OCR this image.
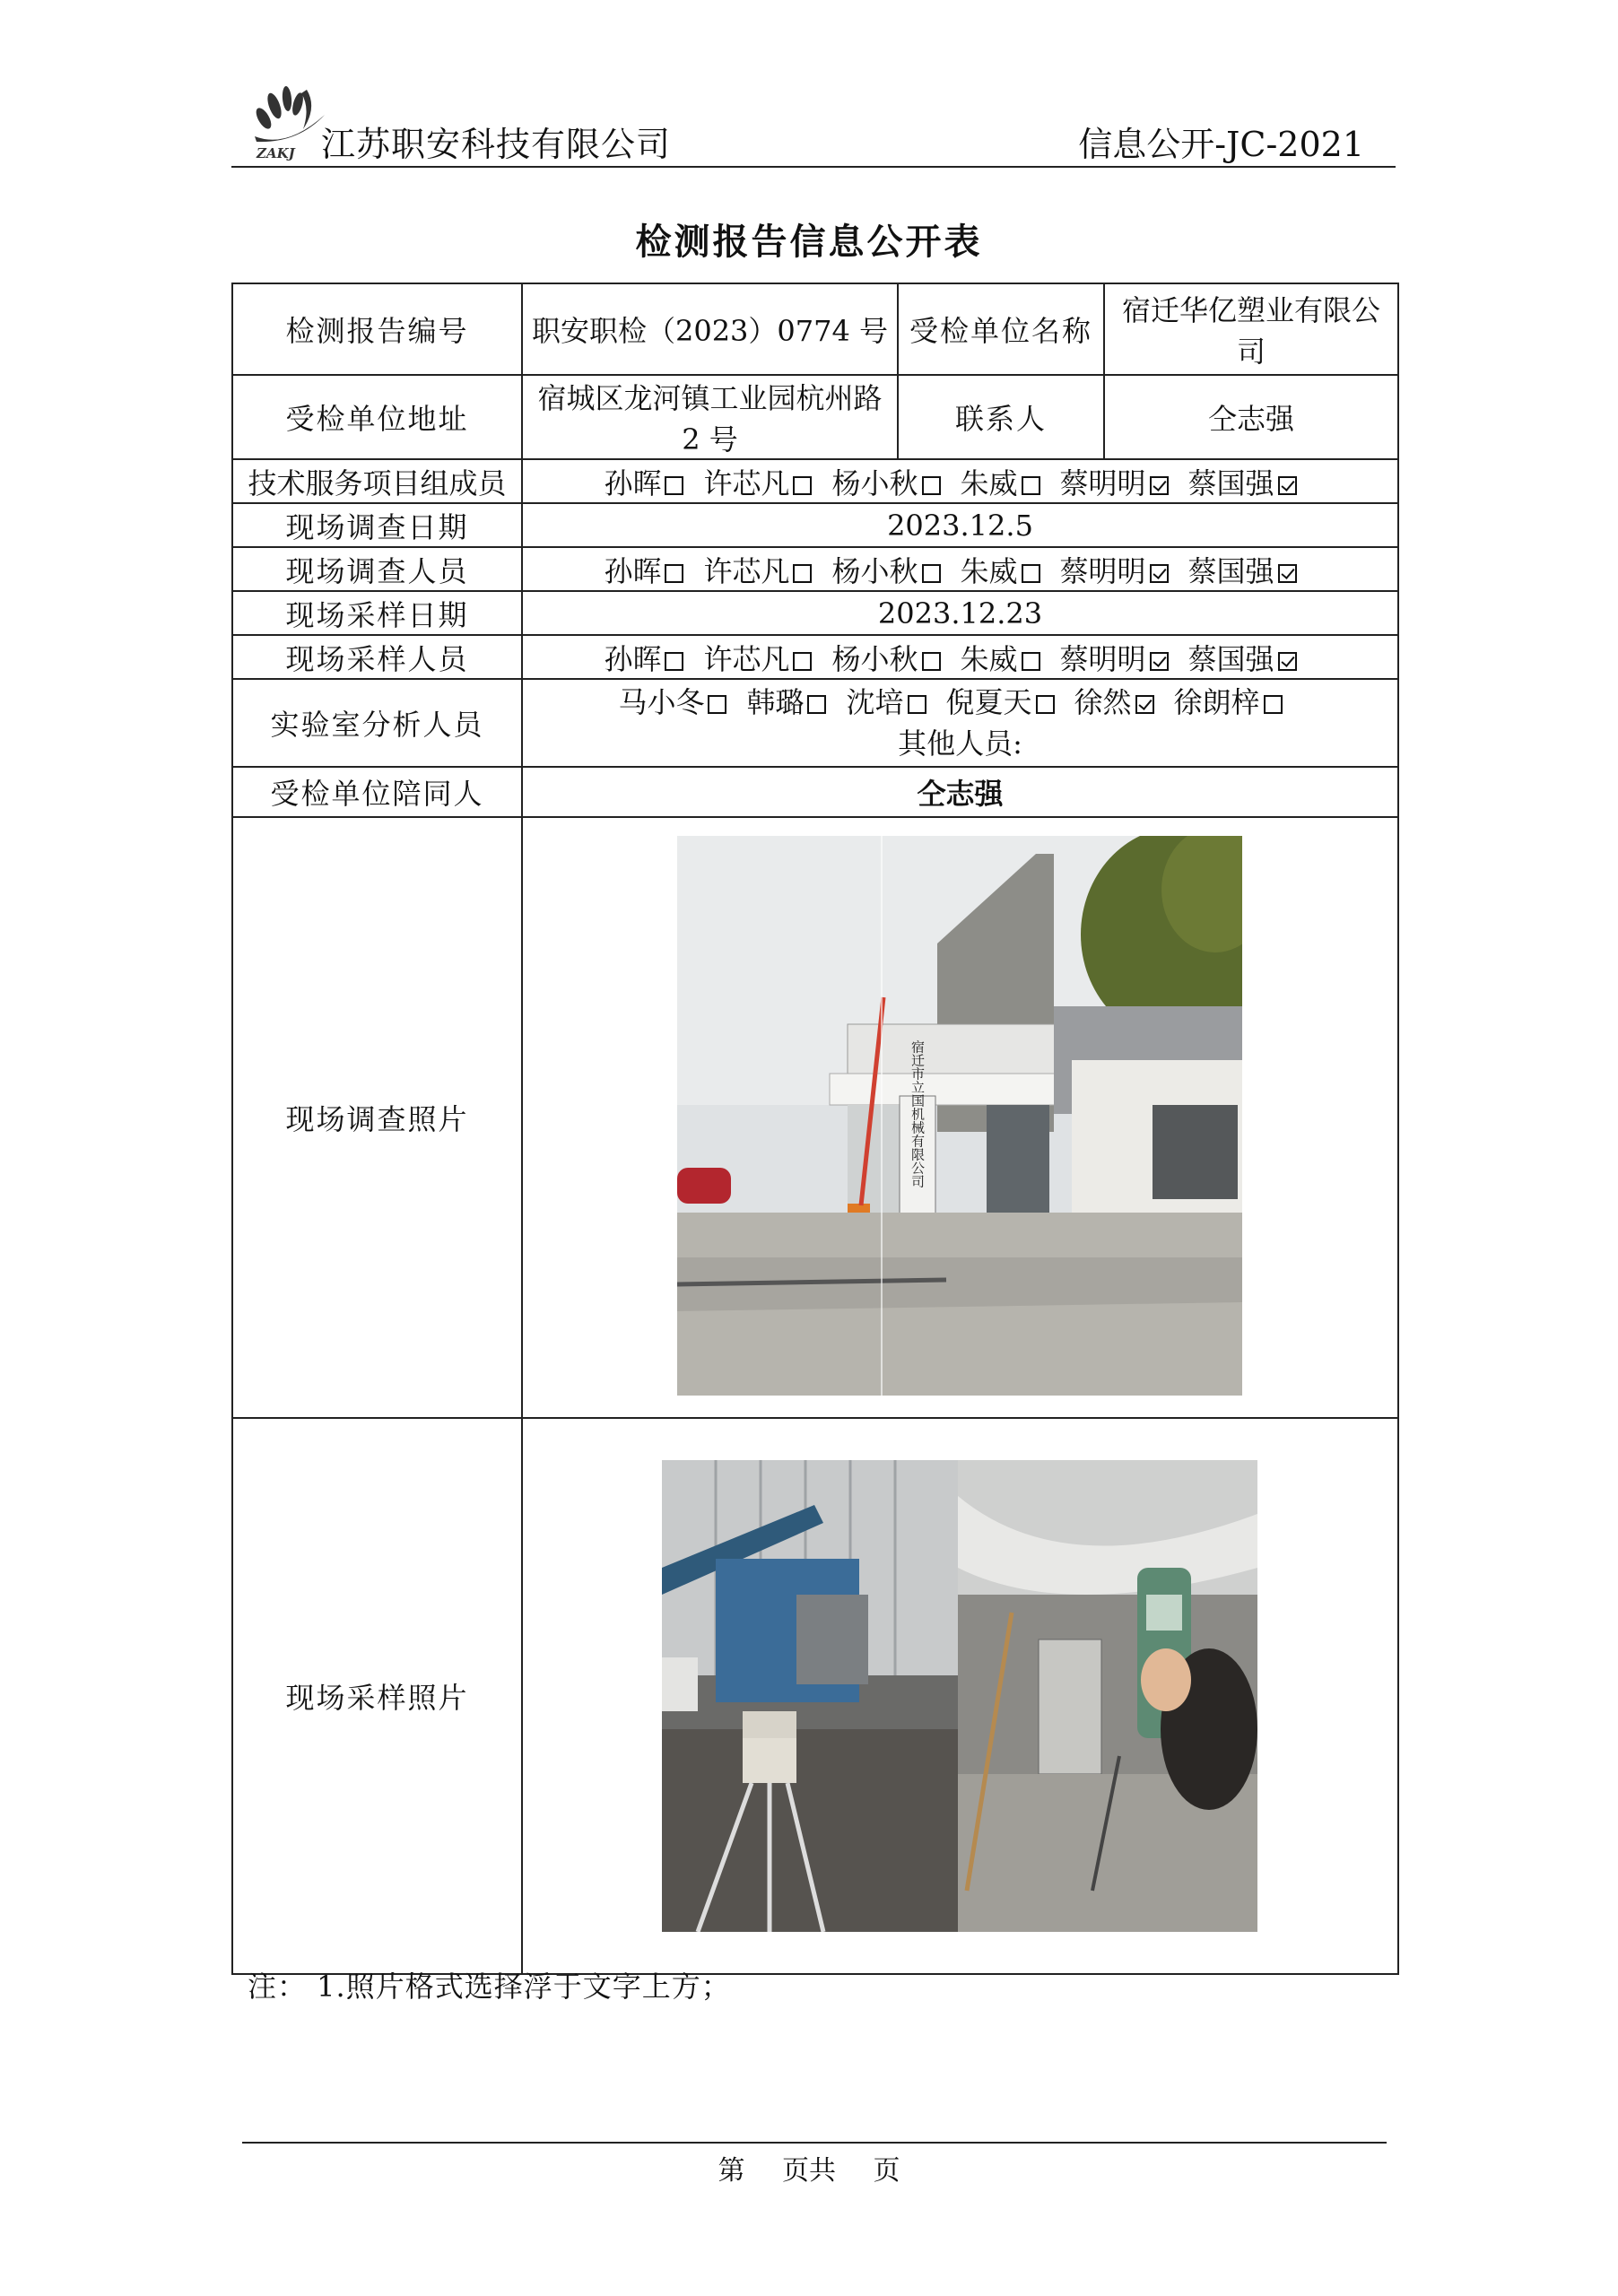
ZAKJ 江苏职安科技有限公司	信息公开-JC-2021
检测报告信息公开表
检测报告编号	职安职检（2023）0774 号	受检单位名称	宿迁华亿塑业有限公司
受检单位地址	宿城区龙河镇工业园杭州路 2 号	联系人	仝志强
技术服务项目组成员	孙晖 许芯凡 杨小秋 朱威 蔡明明 蔡国强		
现场调查日期	2023.12.5		
现场调查人员	孙晖 许芯凡 杨小秋 朱威 蔡明明 蔡国强		
现场采样日期	2023.12.23		
现场采样人员	孙晖 许芯凡 杨小秋 朱威 蔡明明 蔡国强		
实验室分析人员	马小冬 韩璐 沈培 倪夏天 徐然 徐朗梓
其他人员:		

受检单位陪同人	仝志强		
现场调查照片	宿迁市立国机械有限公司		

现场采样照片	
注： 1.照片格式选择浮于文字上方；
第 页共 页
